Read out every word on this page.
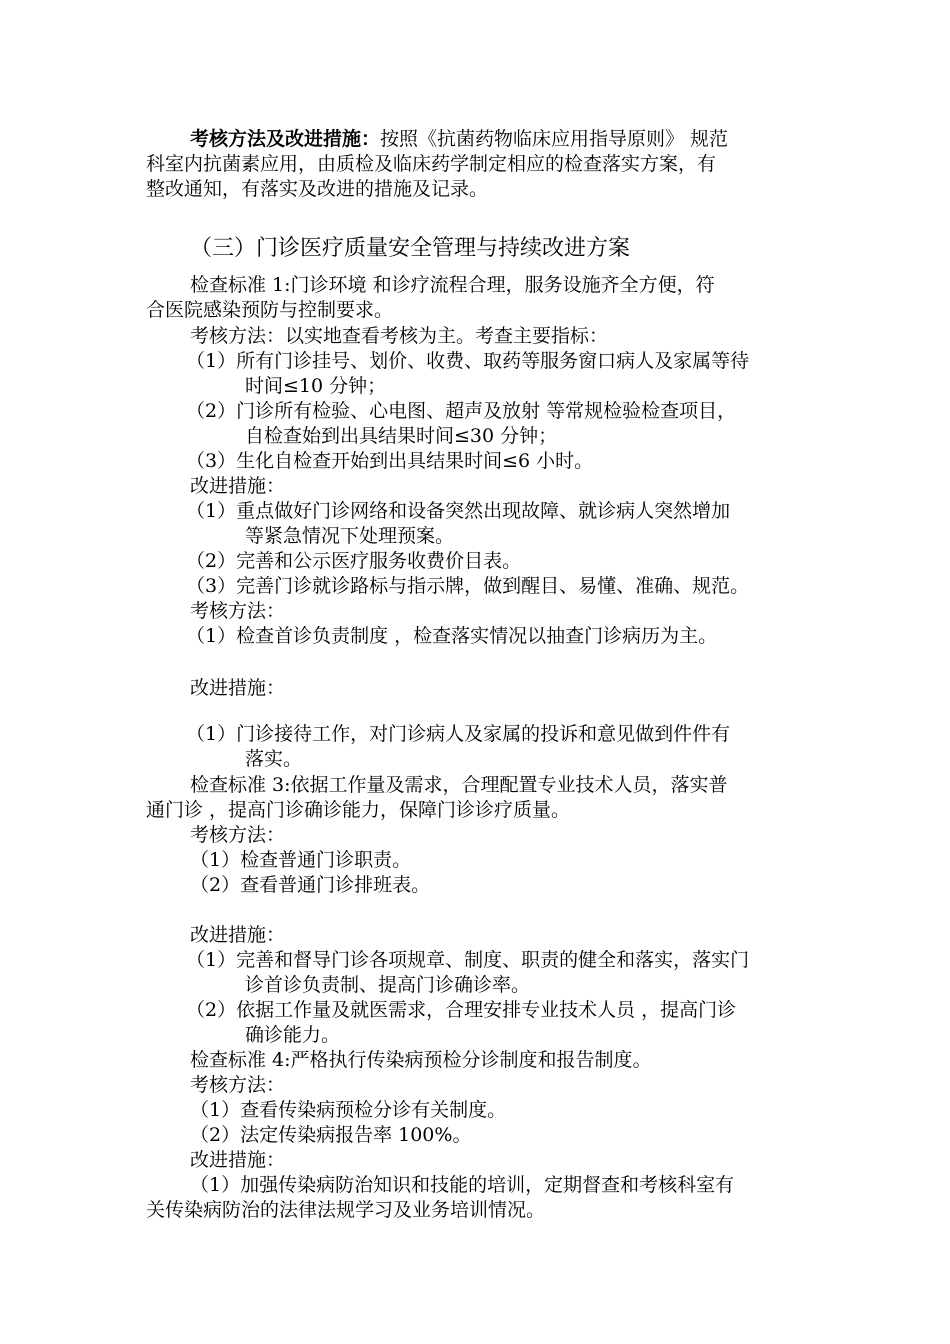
考核方法及改进措施：按照《抗菌药物临床应用指导原则》 规范
科室内抗菌素应用，由质检及临床药学制定相应的检查落实方案，有
整改通知，有落实及改进的措施及记录。
（三）门诊医疗质量安全管理与持续改进方案
检查标准 1:门诊环境 和诊疗流程合理，服务设施齐全方便，符
合医院感染预防与控制要求。
考核方法：以实地查看考核为主。考查主要指标：
（1）所有门诊挂号、划价、收费、取药等服务窗口病人及家属等待
时间≤10 分钟；
（2）门诊所有检验、心电图、超声及放射 等常规检验检查项目，
自检查始到出具结果时间≤30 分钟；
（3）生化自检查开始到出具结果时间≤6 小时。
改进措施：
（1）重点做好门诊网络和设备突然出现故障、就诊病人突然增加
等紧急情况下处理预案。
（2）完善和公示医疗服务收费价目表。
（3）完善门诊就诊路标与指示牌，做到醒目、易懂、准确、规范。
考核方法：
（1）检查首诊负责制度 ，检查落实情况以抽查门诊病历为主。
改进措施：
（1）门诊接待工作，对门诊病人及家属的投诉和意见做到件件有
落实。
检查标准 3:依据工作量及需求，合理配置专业技术人员，落实普
通门诊 ，提高门诊确诊能力，保障门诊诊疗质量。
考核方法：
（1）检查普通门诊职责。
（2）查看普通门诊排班表。
改进措施：
（1）完善和督导门诊各项规章、制度、职责的健全和落实，落实门
诊首诊负责制、提高门诊确诊率。
（2）依据工作量及就医需求，合理安排专业技术人员 ，提高门诊
确诊能力。
检查标准 4:严格执行传染病预检分诊制度和报告制度。
考核方法：
（1）查看传染病预检分诊有关制度。
（2）法定传染病报告率 100%。
改进措施：
（1）加强传染病防治知识和技能的培训，定期督查和考核科室有
关传染病防治的法律法规学习及业务培训情况。
